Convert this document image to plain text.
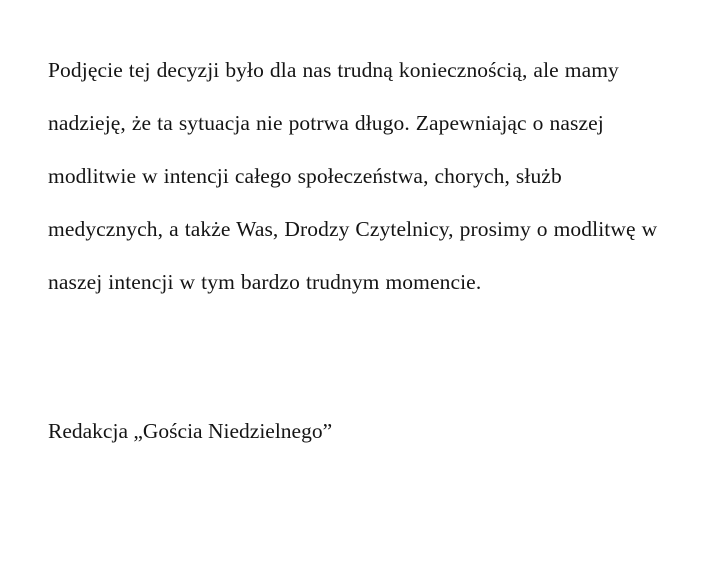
Podjęcie tej decyzji było dla nas trudną koniecznością, ale mamy nadzieję, że ta sytuacja nie potrwa długo. Zapewniając o naszej modlitwie w intencji całego społeczeństwa, chorych, służb medycznych, a także Was, Drodzy Czytelnicy, prosimy o modlitwę w naszej intencji w tym bardzo trudnym momencie.

Redakcja „Gościa Niedzielnego”
